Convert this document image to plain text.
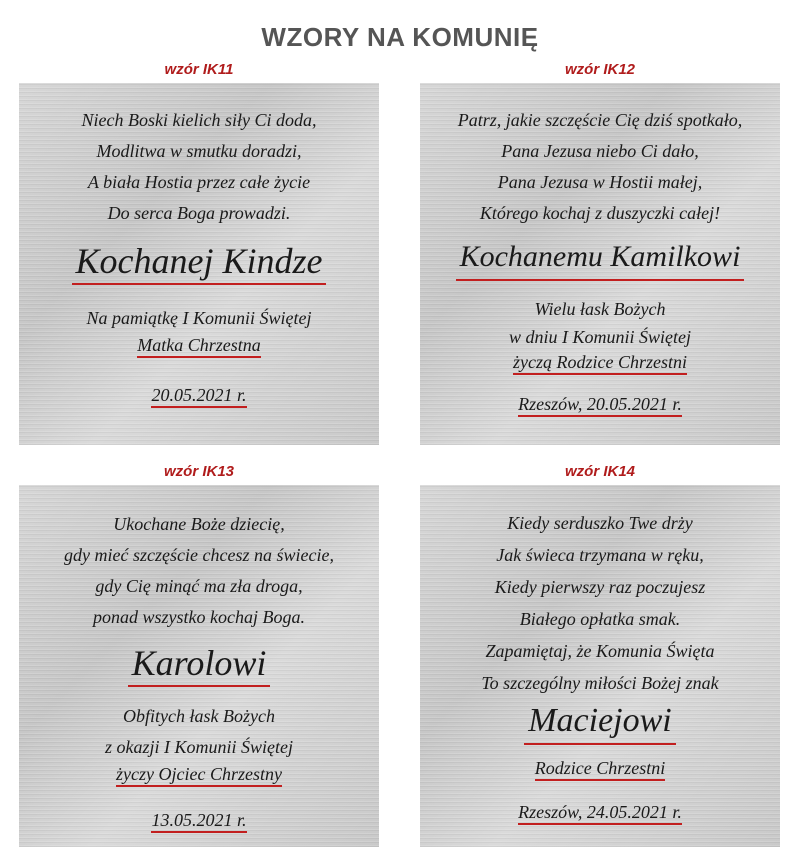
WZORY NA KOMUNIĘ
wzór IK11
Niech Boski kielich siły Ci doda,
Modlitwa w smutku doradzi,
A biała Hostia przez całe życie
Do serca Boga prowadzi.
Kochanej Kindze
Na pamiątkę I Komunii Świętej
Matka Chrzestna
20.05.2021 r.
wzór IK12
Patrz, jakie szczęście Cię dziś spotkało,
Pana Jezusa niebo Ci dało,
Pana Jezusa w Hostii małej,
Którego kochaj z duszyczki całej!
Kochanemu Kamilkowi
Wielu łask Bożych
w dniu I Komunii Świętej
życzą Rodzice Chrzestni
Rzeszów, 20.05.2021 r.
wzór IK13
Ukochane Boże dziecię,
gdy mieć szczęście chcesz na świecie,
gdy Cię minąć ma zła droga,
ponad wszystko kochaj Boga.
Karolowi
Obfitych łask Bożych
z okazji I Komunii Świętej
życzy Ojciec Chrzestny
13.05.2021 r.
wzór IK14
Kiedy serduszko Twe drży
Jak świeca trzymana w ręku,
Kiedy pierwszy raz poczujesz
Białego opłatka smak.
Zapamiętaj, że Komunia Święta
To szczególny miłości Bożej znak
Maciejowi
Rodzice Chrzestni
Rzeszów, 24.05.2021 r.
